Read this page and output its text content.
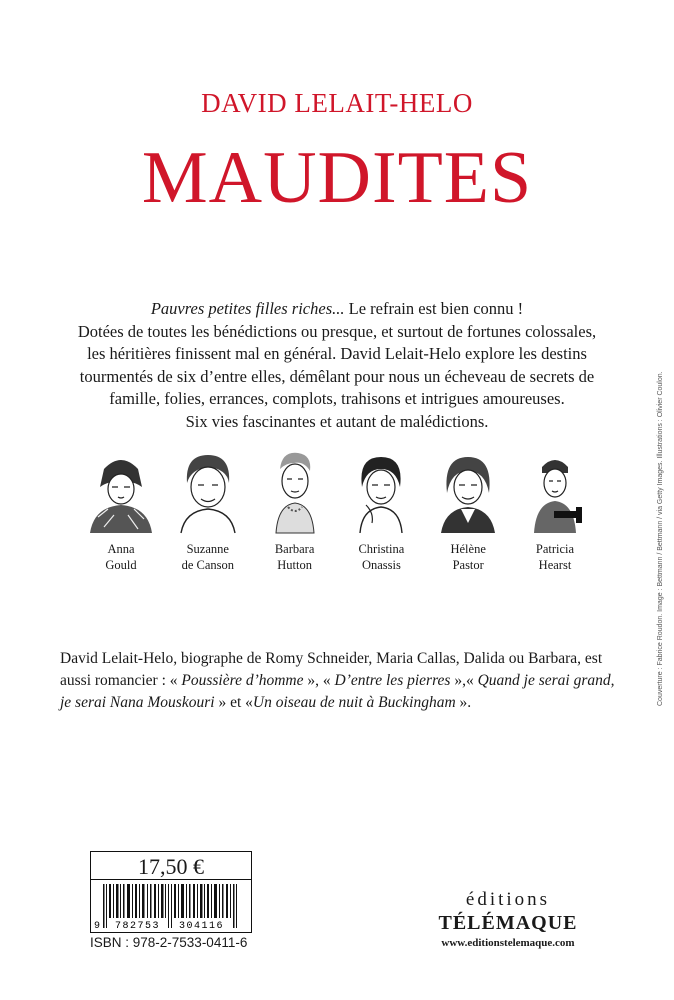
DAVID LELAIT-HELO
MAUDITES

Pauvres petites filles riches... Le refrain est bien connu !

Dotées de toutes les bénédictions ou presque, et surtout de fortunes colossales,

les héritières finissent mal en général. David Lelait-Helo explore les destins

tourmentés de six d’entre elles, démêlant pour nous un écheveau de secrets de

famille, folies, errances, complots, trahisons et intrigues amoureuses.

Six vies fascinantes et autant de malédictions.

Anna
Gould
Suzanne
de Canson
Barbara
Hutton
Christina
Onassis
Hélène
Pastor
Patricia
Hearst
David Lelait-Helo, biographe de Romy Schneider, Maria Callas, Dalida ou Barbara, est aussi romancier : « Poussière d’homme », « D’entre les pierres »,« Quand je serai grand, je serai Nana Mouskouri » et «Un oiseau de nuit à Buckingham ».	Couverture : Fabrice Roudon. Image : Bettmann / Bettmann / via Getty Images. Illustrations : Olivier Coulon.
17,50 €
9 782753 304116
ISBN : 978-2-7533-0411-6
éditions
TÉLÉMAQUE
www.editionstelemaque.com
